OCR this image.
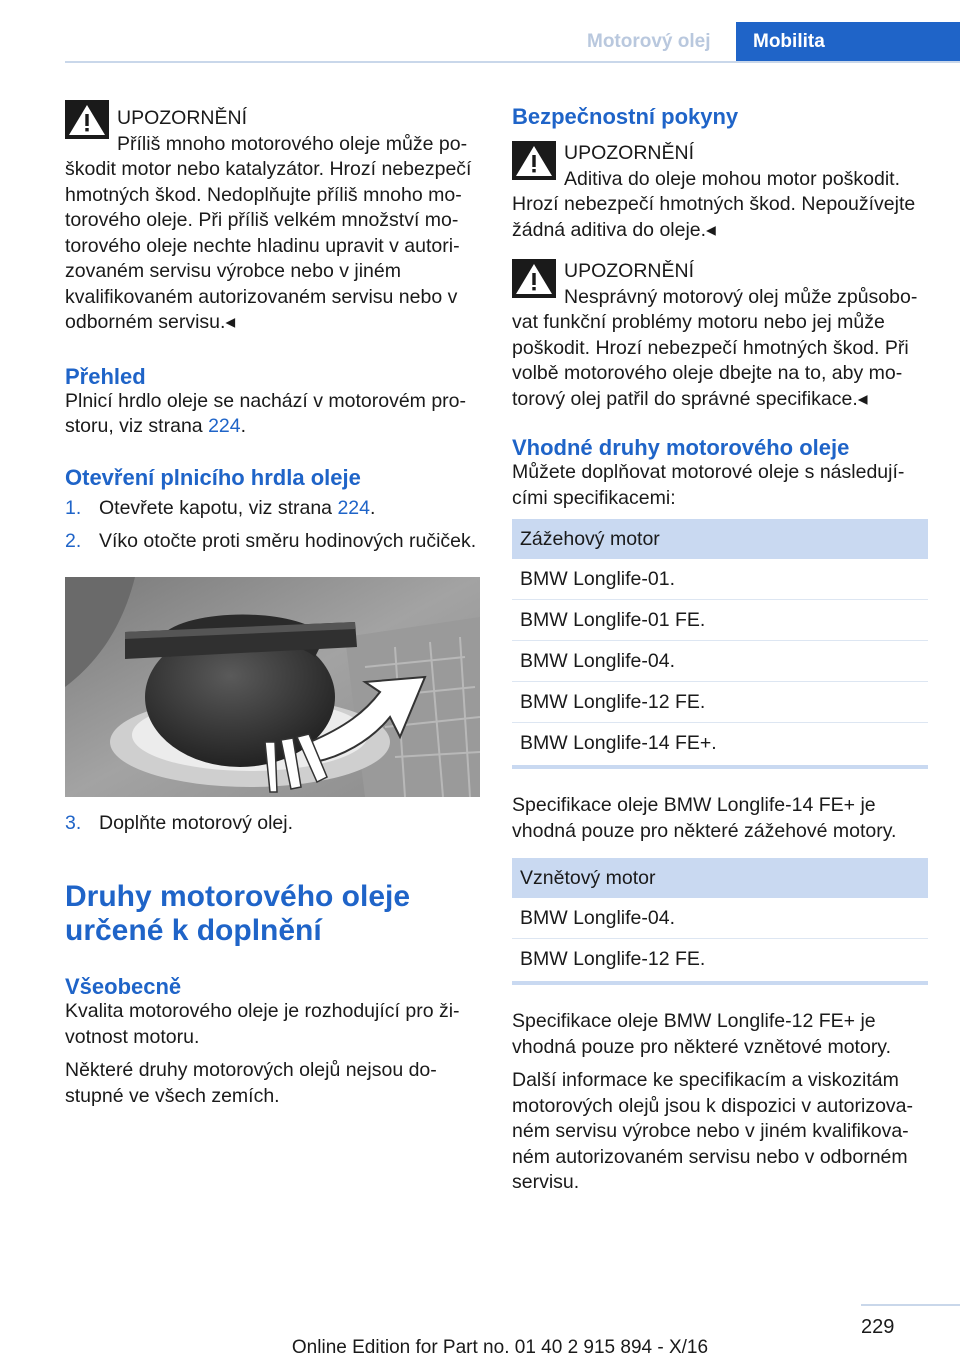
Motorový olej	Mobilita

UPOZORNĚNÍ

Příliš mnoho motorového oleje může poškodit motor nebo katalyzátor. Hrozí nebezpečí hmotných škod. Nedoplňujte příliš mnoho motorového oleje. Při příliš velkém množství motorového oleje nechte hladinu upravit v autorizovaném servisu výrobce nebo v jiném kvalifikovaném autorizovaném servisu nebo v odborném servisu.◂

Přehled

Plnicí hrdlo oleje se nachází v motorovém prostoru, viz strana 224.

Otevření plnicího hrdla oleje
1. Otevřete kapotu, viz strana 224.
2. Víko otočte proti směru hodinových ručiček.
3. Doplňte motorový olej.
Druhy motorového oleje
určené k doplnění
Všeobecně

Kvalita motorového oleje je rozhodující pro životnost motoru.

Některé druhy motorových olejů nejsou dostupné ve všech zemích.

Bezpečnostní pokyny

UPOZORNĚNÍ

Aditiva do oleje mohou motor poškodit. Hrozí nebezpečí hmotných škod. Nepoužívejte žádná aditiva do oleje.◂

UPOZORNĚNÍ

Nesprávný motorový olej může způsobovat funkční problémy motoru nebo jej může poškodit. Hrozí nebezpečí hmotných škod. Při volbě motorového oleje dbejte na to, aby motorový olej patřil do správné specifikace.◂

Vhodné druhy motorového oleje

Můžete doplňovat motorové oleje s následujícími specifikacemi:

Zážehový motor
BMW Longlife-01.
BMW Longlife-01 FE.
BMW Longlife-04.
BMW Longlife-12 FE.
BMW Longlife-14 FE+.

Specifikace oleje BMW Longlife-14 FE+ je vhodná pouze pro některé zážehové motory.

Vznětový motor
BMW Longlife-04.
BMW Longlife-12 FE.

Specifikace oleje BMW Longlife-12 FE+ je vhodná pouze pro některé vznětové motory.

Další informace ke specifikacím a viskozitám motorových olejů jsou k dispozici v autorizovaném servisu výrobce nebo v jiném kvalifikovaném autorizovaném servisu nebo v odborném servisu.

229
Online Edition for Part no. 01 40 2 915 894 - X/16
